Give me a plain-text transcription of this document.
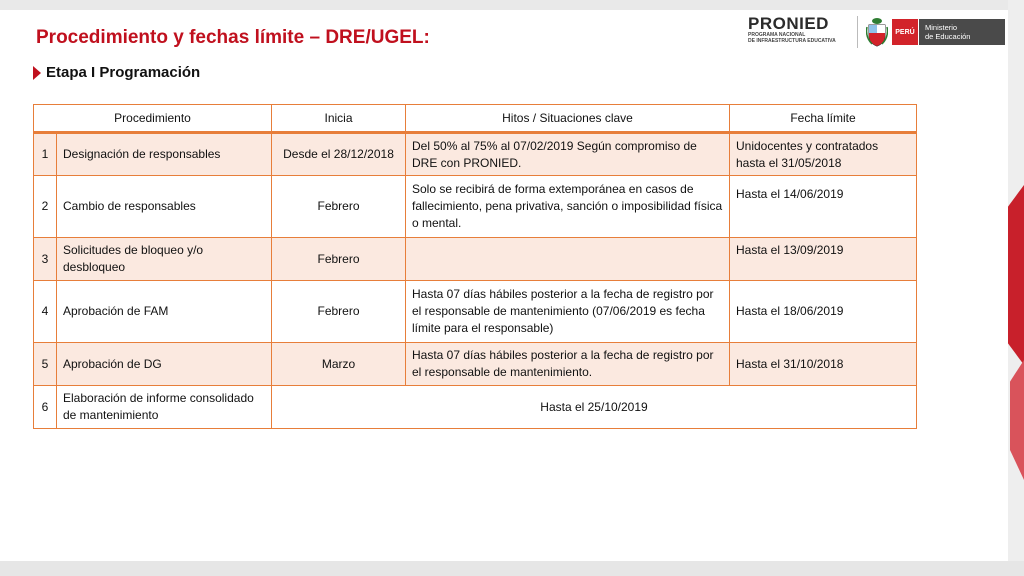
PRONIED
PROGRAMA NACIONAL
DE INFRAESTRUCTURA EDUCATIVA
PERÚ	Ministerio
de Educación
Procedimiento y fechas límite – DRE/UGEL:
Etapa I Programación
Procedimiento		Inicia	Hitos / Situaciones clave	Fecha límite
1	Designación de responsables	Desde el 28/12/2018	Del 50% al 75% al 07/02/2019 Según compromiso de DRE con PRONIED.	Unidocentes y contratados hasta el 31/05/2018
2	Cambio de responsables	Febrero	Solo se recibirá de forma extemporánea en casos de fallecimiento, pena privativa, sanción o imposibilidad física o mental.	Hasta el 14/06/2019
3	Solicitudes de bloqueo y/o desbloqueo	Febrero		Hasta el 13/09/2019
4	Aprobación de FAM	Febrero	Hasta 07 días hábiles posterior a la fecha de registro por el responsable de mantenimiento (07/06/2019 es fecha límite para el responsable)	Hasta el 18/06/2019
5	Aprobación de DG	Marzo	Hasta 07 días hábiles posterior a la fecha de registro por el responsable de mantenimiento.	Hasta el 31/10/2018
6	Elaboración de informe consolidado de mantenimiento	Hasta el 25/10/2019		
